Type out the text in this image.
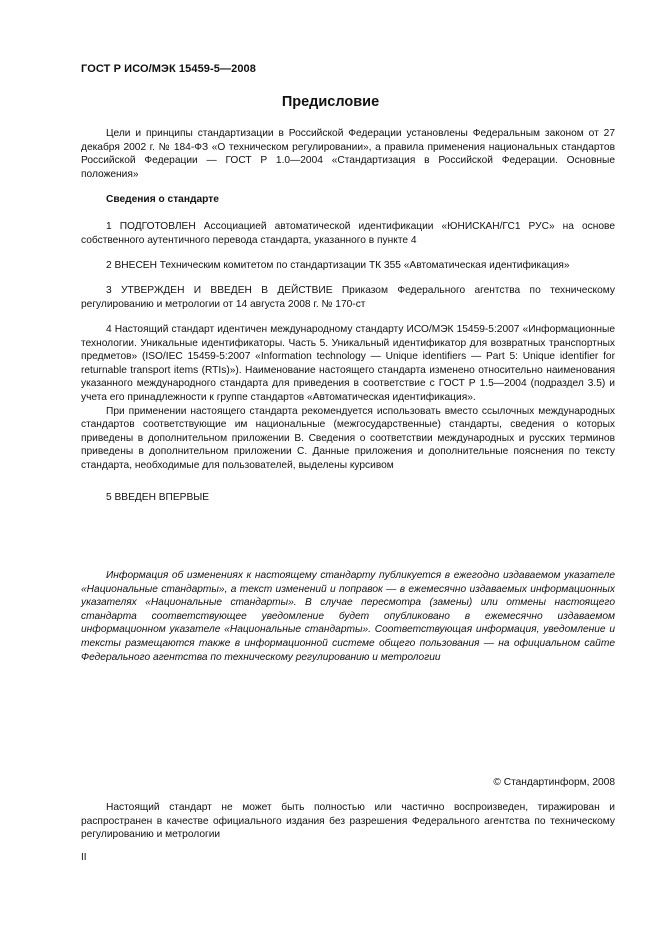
ГОСТ Р ИСО/МЭК 15459-5—2008
Предисловие

Цели и принципы стандартизации в Российской Федерации установлены Федеральным законом от 27 декабря 2002 г. № 184-ФЗ «О техническом регулировании», а правила применения национальных стандартов Российской Федерации — ГОСТ Р 1.0—2004 «Стандартизация в Российской Федерации. Основные положения»

Сведения о стандарте

1 ПОДГОТОВЛЕН Ассоциацией автоматической идентификации «ЮНИСКАН/ГС1 РУС» на основе собственного аутентичного перевода стандарта, указанного в пункте 4

2 ВНЕСЕН Техническим комитетом по стандартизации ТК 355 «Автоматическая идентификация»

3 УТВЕРЖДЕН И ВВЕДЕН В ДЕЙСТВИЕ Приказом Федерального агентства по техническому регулированию и метрологии от 14 августа 2008 г. № 170-ст

4 Настоящий стандарт идентичен международному стандарту ИСО/МЭК 15459-5:2007 «Информационные технологии. Уникальные идентификаторы. Часть 5. Уникальный идентификатор для возвратных транспортных предметов» (ISO/IEC 15459-5:2007 «Information technology — Unique identifiers — Part 5: Unique identifier for returnable transport items (RTIs)»). Наименование настоящего стандарта изменено относительно наименования указанного международного стандарта для приведения в соответствие с ГОСТ Р 1.5—2004 (подраздел 3.5) и учета его принадлежности к группе стандартов «Автоматическая идентификация».

При применении настоящего стандарта рекомендуется использовать вместо ссылочных международных стандартов соответствующие им национальные (межгосударственные) стандарты, сведения о которых приведены в дополнительном приложении В. Сведения о соответствии международных и русских терминов приведены в дополнительном приложении С. Данные приложения и дополнительные пояснения по тексту стандарта, необходимые для пользователей, выделены курсивом

5 ВВЕДЕН ВПЕРВЫЕ

Информация об изменениях к настоящему стандарту публикуется в ежегодно издаваемом указателе «Национальные стандарты», а текст изменений и поправок — в ежемесячно издаваемых информационных указателях «Национальные стандарты». В случае пересмотра (замены) или отмены настоящего стандарта соответствующее уведомление будет опубликовано в ежемесячно издаваемом информационном указателе «Национальные стандарты». Соответствующая информация, уведомление и тексты размещаются также в информационной системе общего пользования — на официальном сайте Федерального агентства по техническому регулированию и метрологии

© Стандартинформ, 2008

Настоящий стандарт не может быть полностью или частично воспроизведен, тиражирован и распространен в качестве официального издания без разрешения Федерального агентства по техническому регулированию и метрологии

II
